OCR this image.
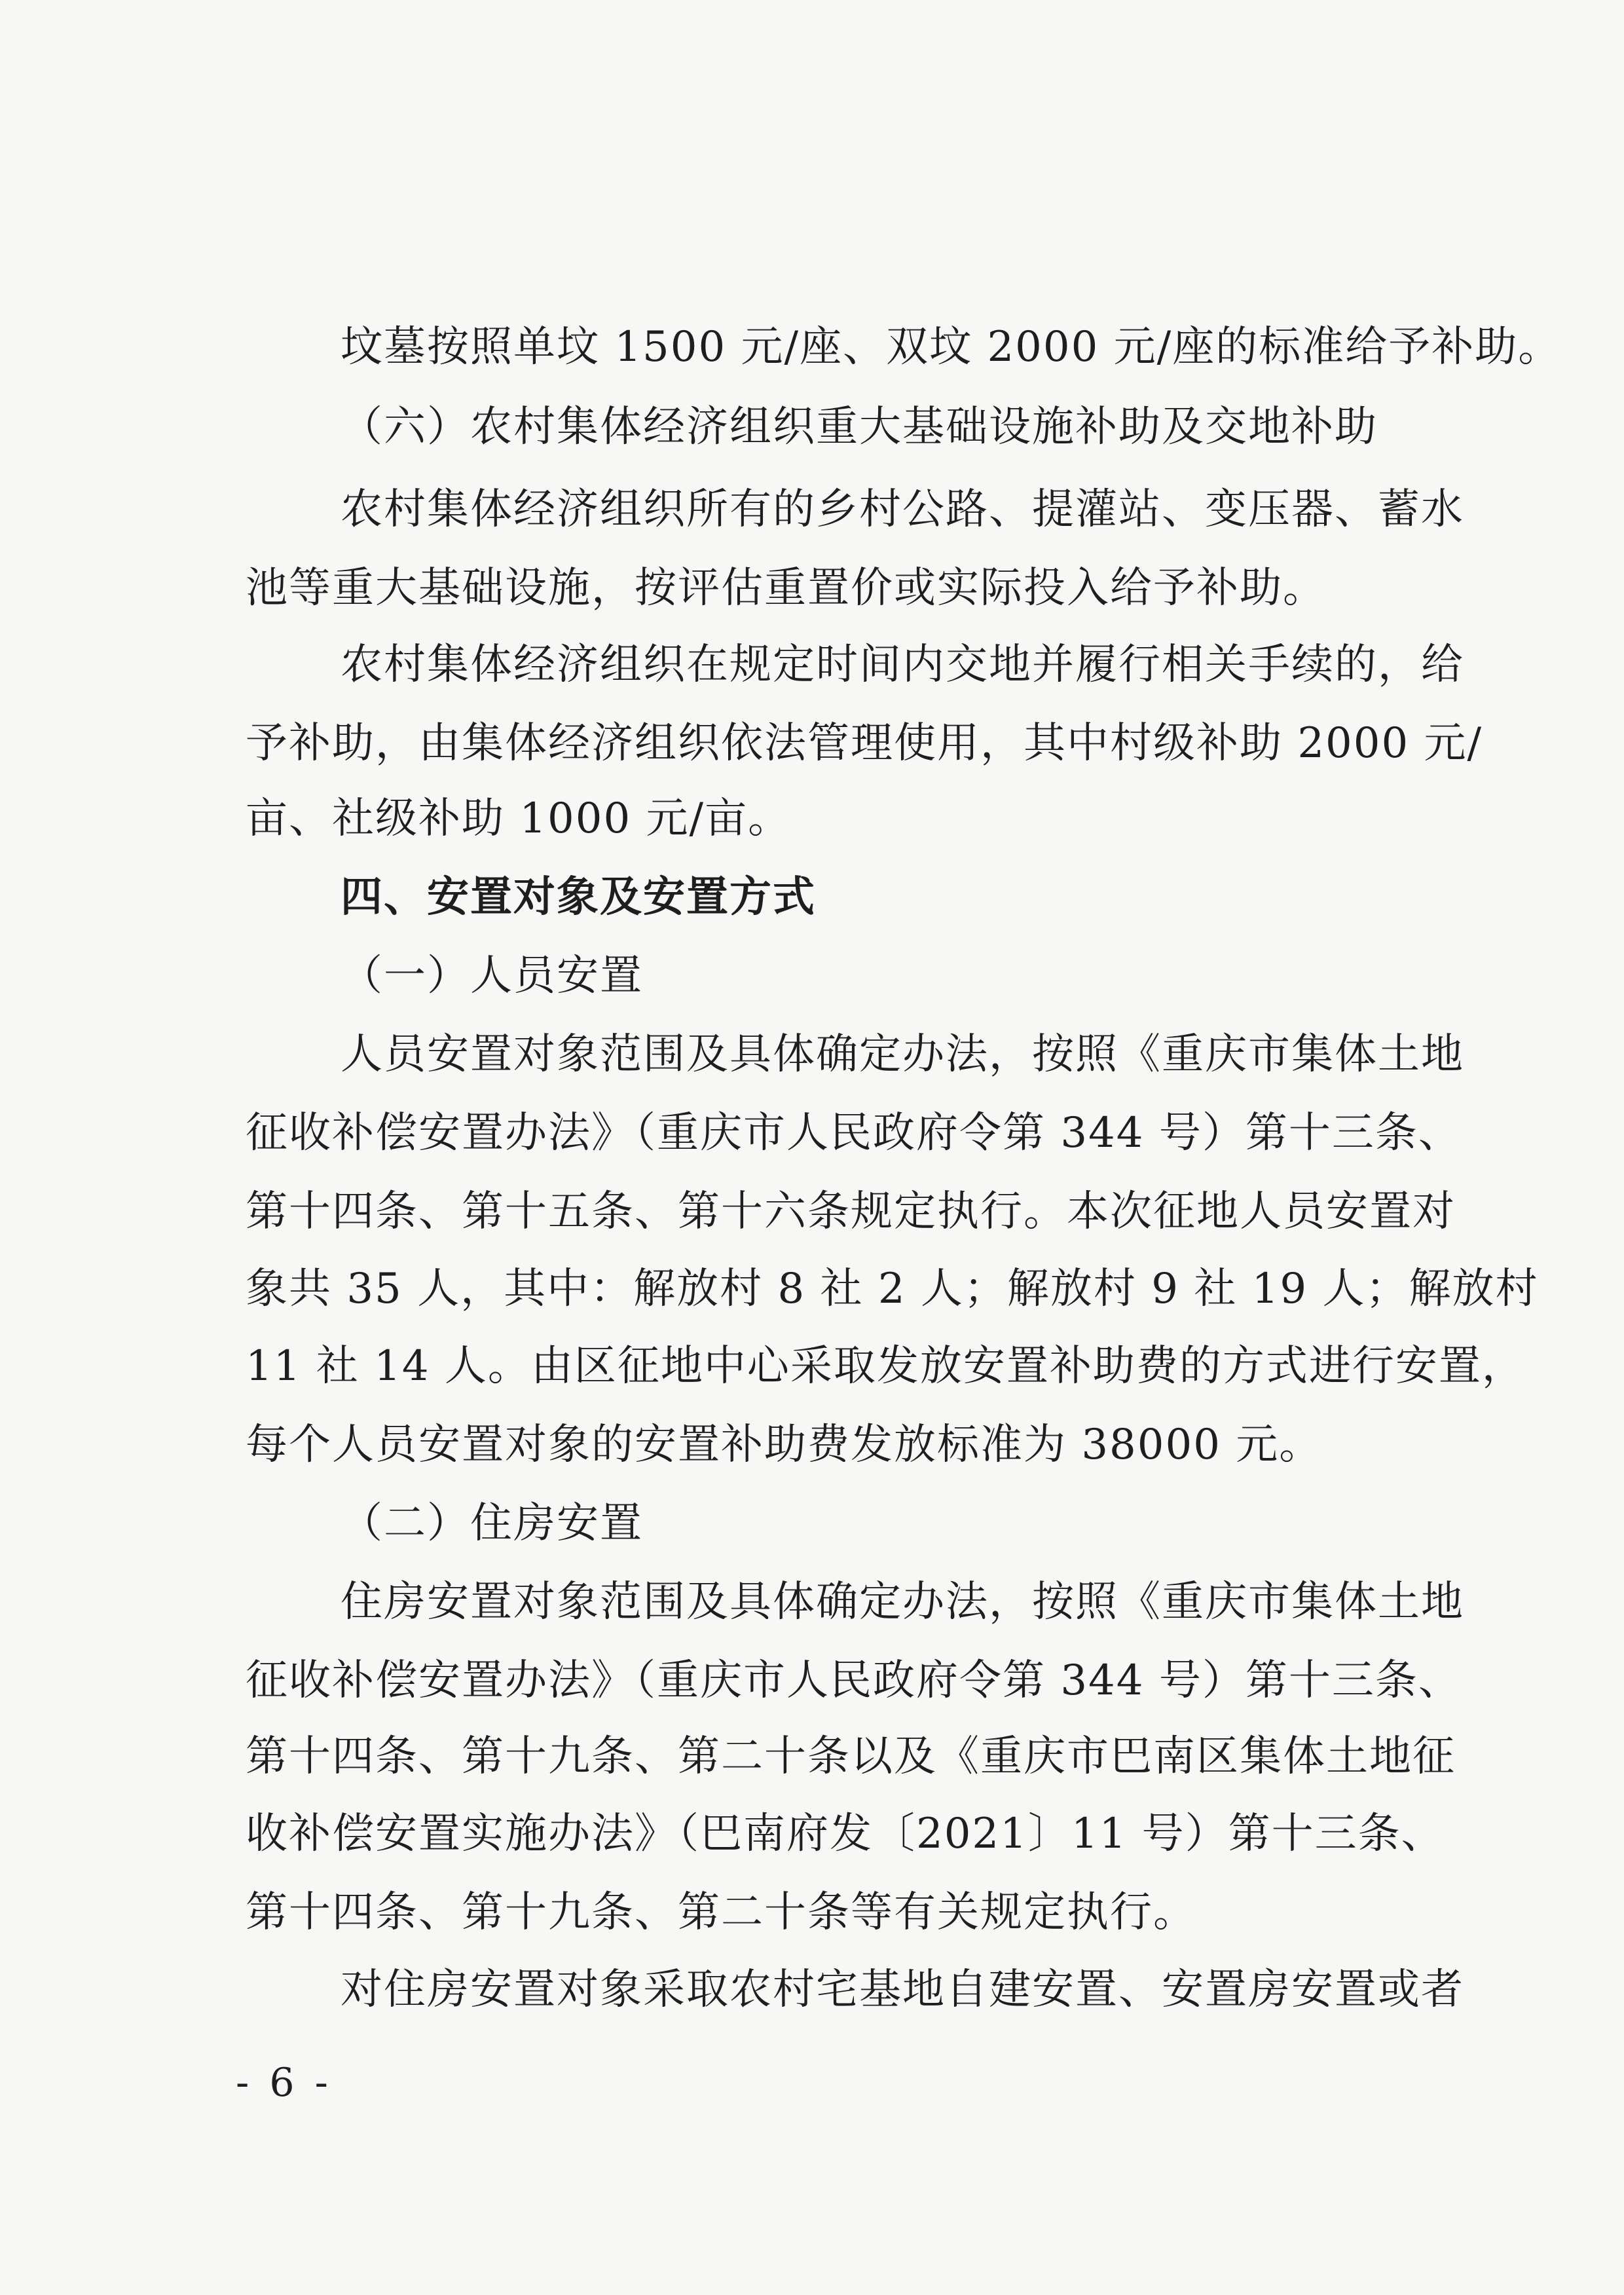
坟墓按照单坟 1500 元/座、双坟 2000 元/座的标准给予补助。
（六）农村集体经济组织重大基础设施补助及交地补助
农村集体经济组织所有的乡村公路、提灌站、变压器、蓄水
池等重大基础设施，按评估重置价或实际投入给予补助。
农村集体经济组织在规定时间内交地并履行相关手续的，给
予补助，由集体经济组织依法管理使用，其中村级补助 2000 元/
亩、社级补助 1000 元/亩。
四、安置对象及安置方式
（一）人员安置
人员安置对象范围及具体确定办法，按照《重庆市集体土地
征收补偿安置办法》（重庆市人民政府令第 344 号）第十三条、
第十四条、第十五条、第十六条规定执行。本次征地人员安置对
象共 35 人，其中：解放村 8 社 2 人；解放村 9 社 19 人；解放村
11 社 14 人。由区征地中心采取发放安置补助费的方式进行安置，
每个人员安置对象的安置补助费发放标准为 38000 元。
（二）住房安置
住房安置对象范围及具体确定办法，按照《重庆市集体土地
征收补偿安置办法》（重庆市人民政府令第 344 号）第十三条、
第十四条、第十九条、第二十条以及《重庆市巴南区集体土地征
收补偿安置实施办法》（巴南府发〔2021〕11 号）第十三条、
第十四条、第十九条、第二十条等有关规定执行。
对住房安置对象采取农村宅基地自建安置、安置房安置或者
- 6 -
